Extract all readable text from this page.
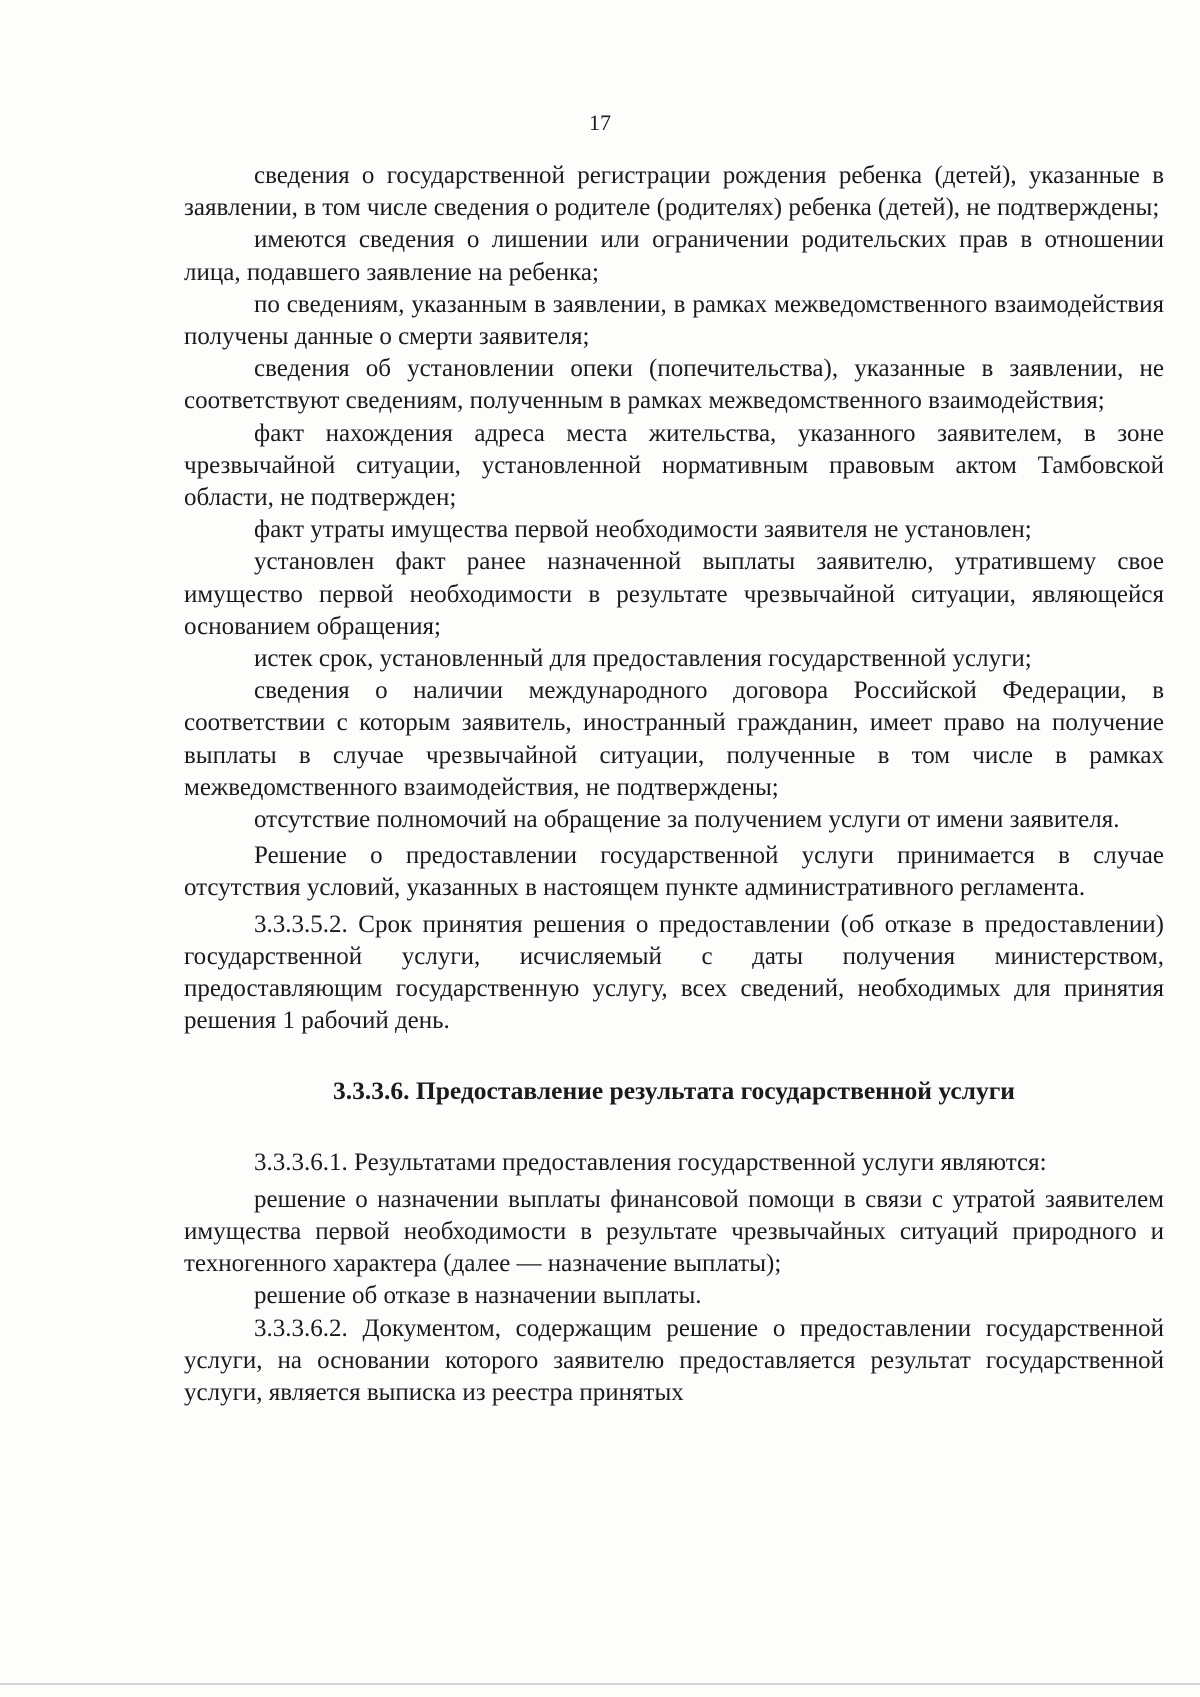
17

сведения о государственной регистрации рождения ребенка (детей), указанные в заявлении, в том числе сведения о родителе (родителях) ребенка (детей), не подтверждены;

имеются сведения о лишении или ограничении родительских прав в отношении лица, подавшего заявление на ребенка;

по сведениям, указанным в заявлении, в рамках межведомственного взаимодействия получены данные о смерти заявителя;

сведения об установлении опеки (попечительства), указанные в заявлении, не соответствуют сведениям, полученным в рамках межведомственного взаимодействия;

факт нахождения адреса места жительства, указанного заявителем, в зоне чрезвычайной ситуации, установленной нормативным правовым актом Тамбовской области, не подтвержден;

факт утраты имущества первой необходимости заявителя не установлен;

установлен факт ранее назначенной выплаты заявителю, утратившему свое имущество первой необходимости в результате чрезвычайной ситуации, являющейся основанием обращения;

истек срок, установленный для предоставления государственной услуги;

сведения о наличии международного договора Российской Федерации, в соответствии с которым заявитель, иностранный гражданин, имеет право на получение выплаты в случае чрезвычайной ситуации, полученные в том числе в рамках межведомственного взаимодействия, не подтверждены;

отсутствие полномочий на обращение за получением услуги от имени заявителя.

Решение о предоставлении государственной услуги принимается в случае отсутствия условий, указанных в настоящем пункте административного регламента.

3.3.3.5.2. Срок принятия решения о предоставлении (об отказе в предоставлении) государственной услуги, исчисляемый с даты получения министерством, предоставляющим государственную услугу, всех сведений, необходимых для принятия решения 1 рабочий день.

3.3.3.6. Предоставление результата государственной услуги

3.3.3.6.1. Результатами предоставления государственной услуги являются:

решение о назначении выплаты финансовой помощи в связи с утратой заявителем имущества первой необходимости в результате чрезвычайных ситуаций природного и техногенного характера (далее — назначение выплаты);

решение об отказе в назначении выплаты.

3.3.3.6.2. Документом, содержащим решение о предоставлении государственной услуги, на основании которого заявителю предоставляется результат государственной услуги, является выписка из реестра принятых
